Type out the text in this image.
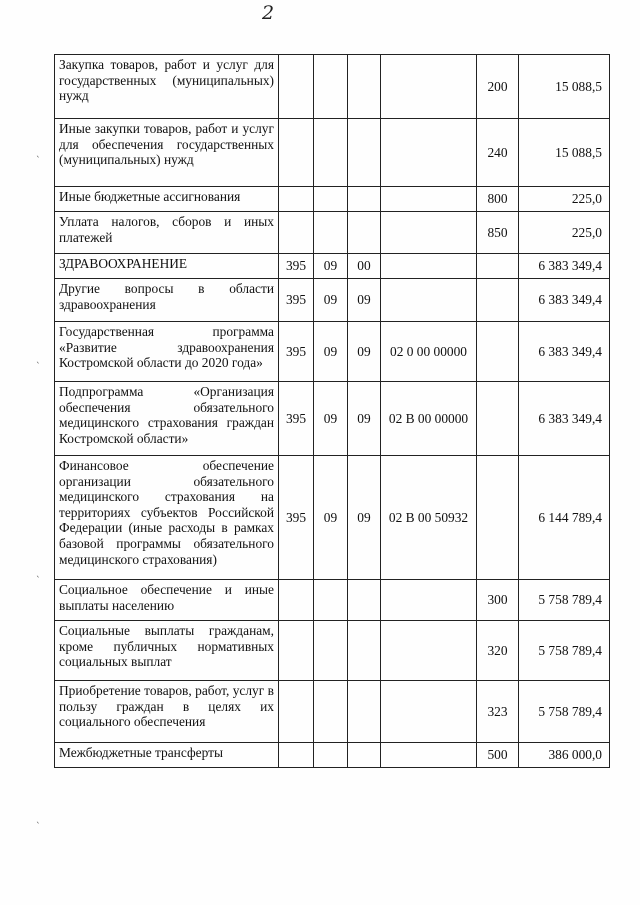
2
`
`
`
`
Закупка товаров, работ и услуг для государственных (муниципальных) нужд					200	15 088,5
Иные закупки товаров, работ и услуг для обеспечения государственных (муниципальных) нужд					240	15 088,5
Иные бюджетные ассигнования					800	225,0
Уплата налогов, сборов и иных платежей					850	225,0
ЗДРАВООХРАНЕНИЕ	395	09	00			6 383 349,4
Другие вопросы в области здравоохранения	395	09	09			6 383 349,4
Государственная программа «Развитие здравоохранения Костромской области до 2020 года»	395	09	09	02 0 00 00000		6 383 349,4
Подпрограмма «Организация обеспечения обязательного медицинского страхования граждан Костромской области»	395	09	09	02 В 00 00000		6 383 349,4
Финансовое обеспечение организации обязательного медицинского страхования на территориях субъектов Российской Федерации (иные расходы в рамках базовой программы обязательного медицинского страхования)	395	09	09	02 В 00 50932		6 144 789,4
Социальное обеспечение и иные выплаты населению					300	5 758 789,4
Социальные выплаты гражданам, кроме публичных нормативных социальных выплат					320	5 758 789,4
Приобретение товаров, работ, услуг в пользу граждан в целях их социального обеспечения					323	5 758 789,4
Межбюджетные трансферты					500	386 000,0
